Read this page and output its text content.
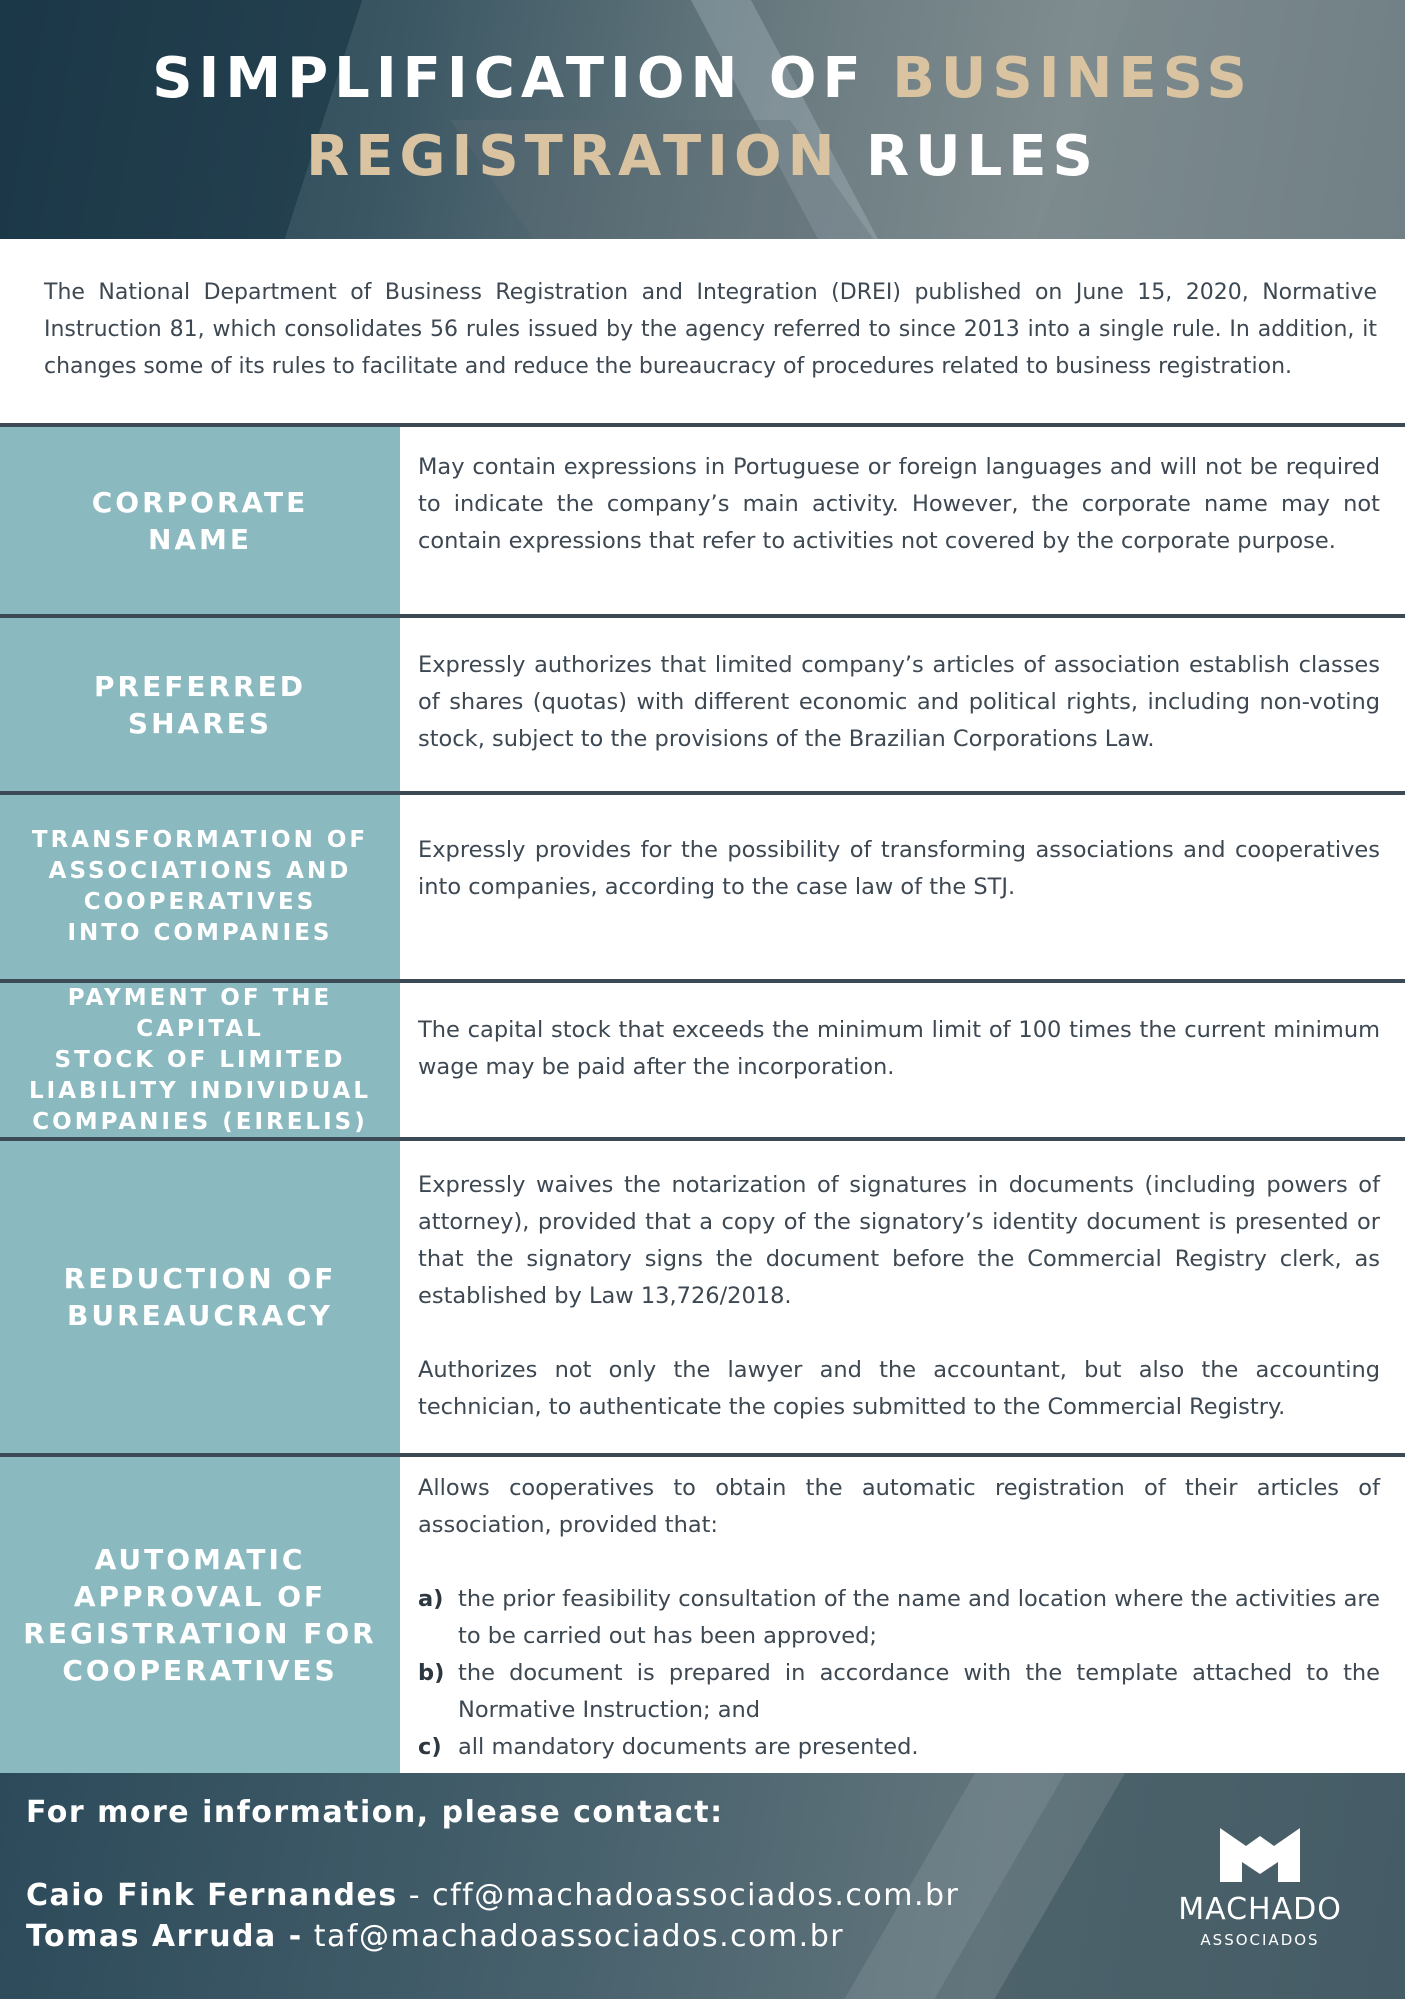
SIMPLIFICATION OF BUSINESS
REGISTRATION RULES

The National Department of Business Registration and Integration (DREI) published on June 15, 2020, Normative Instruction 81, which consolidates 56 rules issued by the agency referred to since 2013 into a single rule. In addition, it changes some of its rules to facilitate and reduce the bureaucracy of procedures related to business registration.

CORPORATE
NAME

May contain expressions in Portuguese or foreign languages and will not be required to indicate the company’s main activity. However, the corporate name may not contain expressions that refer to activities not covered by the corporate purpose.

PREFERRED
SHARES

Expressly authorizes that limited company’s articles of association establish classes of shares (quotas) with different economic and political rights, including non-voting stock, subject to the provisions of the Brazilian Corporations Law.

TRANSFORMATION OF
ASSOCIATIONS AND
COOPERATIVES
INTO COMPANIES

Expressly provides for the possibility of transforming associations and cooperatives into companies, according to the case law of the STJ.

PAYMENT OF THE CAPITAL
STOCK OF LIMITED
LIABILITY INDIVIDUAL
COMPANIES (EIRELIS)

The capital stock that exceeds the minimum limit of 100 times the current minimum wage may be paid after the incorporation.

REDUCTION OF
BUREAUCRACY

Expressly waives the notarization of signatures in documents (including powers of attorney), provided that a copy of the signatory’s identity document is presented or that the signatory signs the document before the Commercial Registry clerk, as established by Law 13,726/2018.

Authorizes not only the lawyer and the accountant, but also the accounting technician, to authenticate the copies submitted to the Commercial Registry.

AUTOMATIC
APPROVAL OF
REGISTRATION FOR
COOPERATIVES

Allows cooperatives to obtain the automatic registration of their articles of association, provided that:

a) the prior feasibility consultation of the name and location where the activities are to be carried out has been approved;
b) the document is prepared in accordance with the template attached to the Normative Instruction; and
c) all mandatory documents are presented.
For more information, please contact:
Caio Fink Fernandes - cff@machadoassociados.com.br
Tomas Arruda - taf@machadoassociados.com.br
MACHADO
ASSOCIADOS
